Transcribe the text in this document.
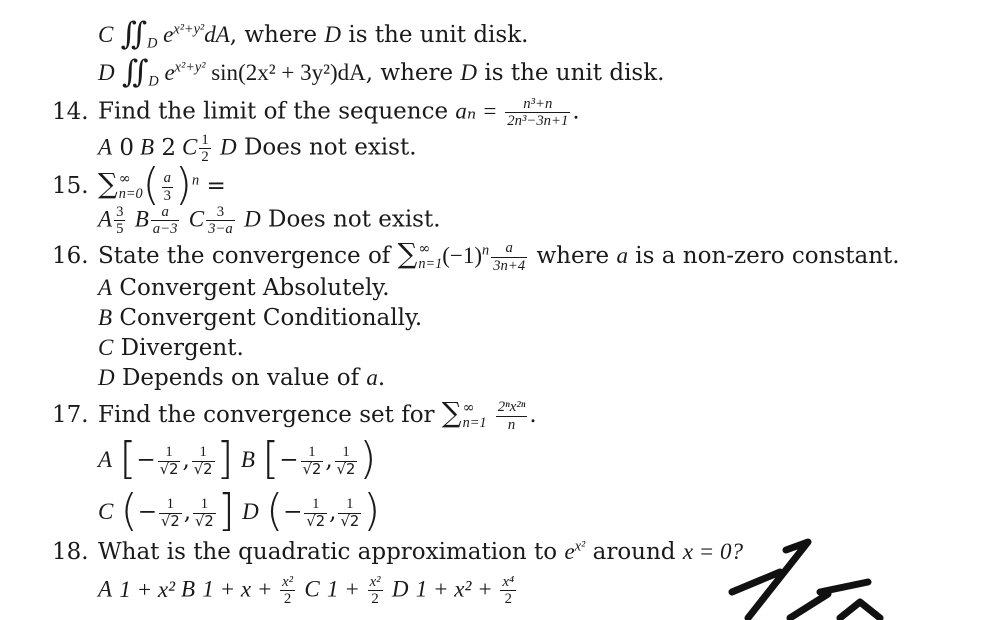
C $∬_D$ $e^{x^2+y^2}dA$, where D is the unit disk.
D $∬_D$ $e^{x^2+y^2}$ sin(2x² + 3y²)dA, where D is the unit disk.
14. Find the limit of the sequence $a_n = \frac{\text{n³+n}}{\text{2n³−3n+1}}$ .
A 0 B 2 C $\frac{1}{2}$ D Does not exist.
15. ∑ ∞
n=0 ( $\frac{a}{3} )^n$ =
A $\frac{3}{5}$ B $\frac{a}{a-3}$ C $\frac{3}{3-a}$ D Does not exist.
16. State the convergence of ∑ ∞
n=1 $(-1)^n \frac{a}{3n+4}$ where a is a non-zero constant.
A Convergent Absolutely.
B Convergent Conditionally.
C Divergent.
D Depends on value of a.
17. Find the convergence set for ∑ ∞
n=1
$\frac{\text{2ⁿx²ⁿ}}{n}$ .
A [− $\frac{1}{√2}$ , $\frac{1}{√2}$ ] B [− $\frac{1}{√2}$ , $\frac{1}{√2}$ )
C (− $\frac{1}{√2}$ , $\frac{1}{√2}$ ] D (− $\frac{1}{√2}$ , $\frac{1}{√2}$ )
18. What is the quadratic approximation to $e^{x^2}$ around x = 0?
A 1 + x² B $1 + x + \frac{\text{x²}}{2}$ C $1 + \frac{\text{x²}}{2}$ D $1 + x^2 + \frac{\text{x⁴}}{2}$
